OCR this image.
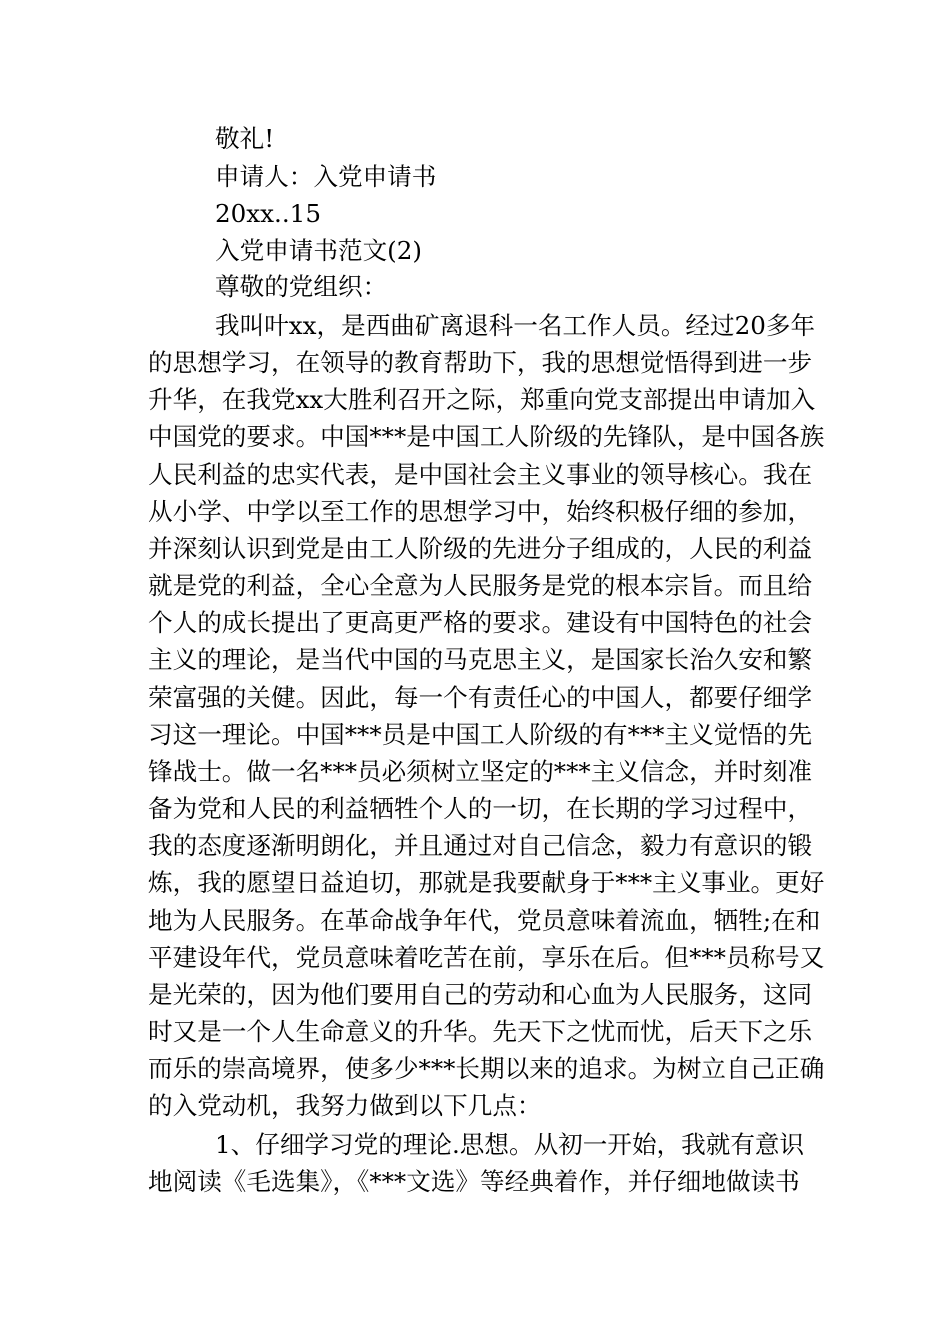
敬礼!
申请人：入党申请书
20xx..15
入党申请书范文(2)
尊敬的党组织：
我叫叶xx，是西曲矿离退科一名工作人员。经过20多年
的思想学习，在领导的教育帮助下，我的思想觉悟得到进一步
升华，在我党xx大胜利召开之际，郑重向党支部提出申请加入
中国党的要求。中国***是中国工人阶级的先锋队，是中国各族
人民利益的忠实代表，是中国社会主义事业的领导核心。我在
从小学、中学以至工作的思想学习中，始终积极仔细的参加，
并深刻认识到党是由工人阶级的先进分子组成的，人民的利益
就是党的利益，全心全意为人民服务是党的根本宗旨。而且给
个人的成长提出了更高更严格的要求。建设有中国特色的社会
主义的理论，是当代中国的马克思主义，是国家长治久安和繁
荣富强的关健。因此，每一个有责任心的中国人，都要仔细学
习这一理论。中国***员是中国工人阶级的有***主义觉悟的先
锋战士。做一名***员必须树立坚定的***主义信念，并时刻准
备为党和人民的利益牺牲个人的一切，在长期的学习过程中，
我的态度逐渐明朗化，并且通过对自己信念，毅力有意识的锻
炼，我的愿望日益迫切，那就是我要献身于***主义事业。更好
地为人民服务。在革命战争年代，党员意味着流血，牺牲;在和
平建设年代，党员意味着吃苦在前，享乐在后。但***员称号又
是光荣的，因为他们要用自己的劳动和心血为人民服务，这同
时又是一个人生命意义的升华。先天下之忧而忧，后天下之乐
而乐的崇高境界，使多少***长期以来的追求。为树立自己正确
的入党动机，我努力做到以下几点：
1、仔细学习党的理论.思想。从初一开始，我就有意识
地阅读《毛选集》，《***文选》等经典着作，并仔细地做读书
